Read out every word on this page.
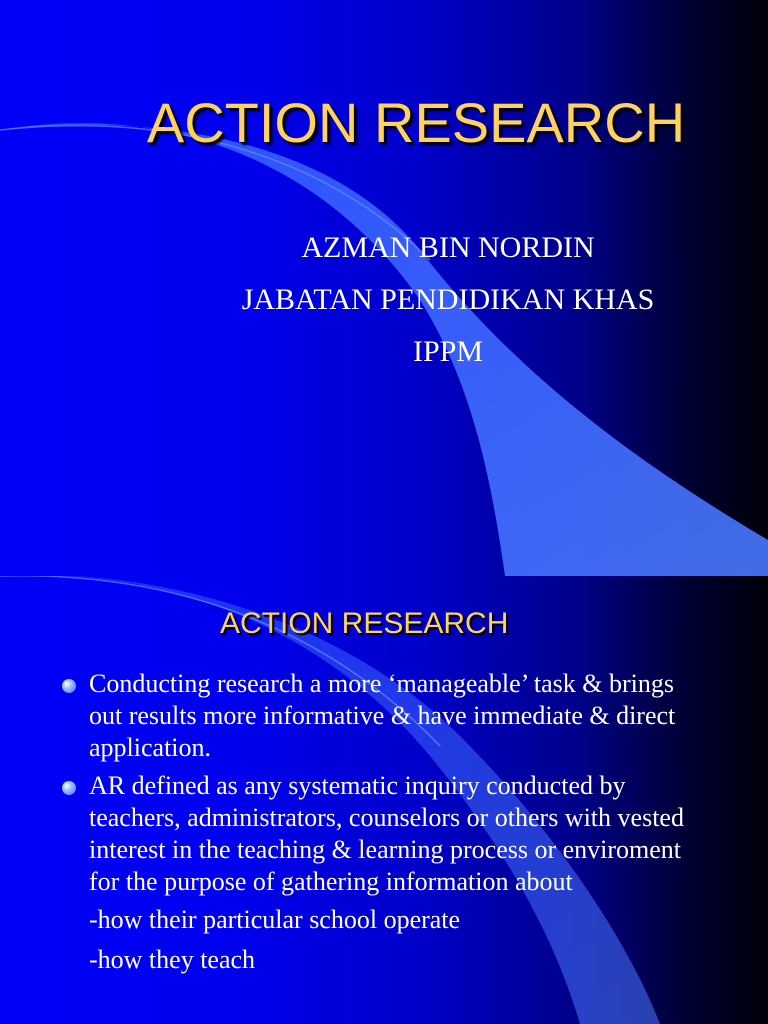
ACTION RESEARCH
AZMAN BIN NORDIN
JABATAN PENDIDIKAN KHAS
IPPM
ACTION RESEARCH
Conducting research a more ‘manageable’ task & brings out results more informative & have immediate & direct application.
AR defined as any systematic inquiry conducted by teachers, administrators, counselors or others with vested interest in the teaching & learning process or enviroment for the purpose of gathering information about
-how their particular school operate
-how they teach
